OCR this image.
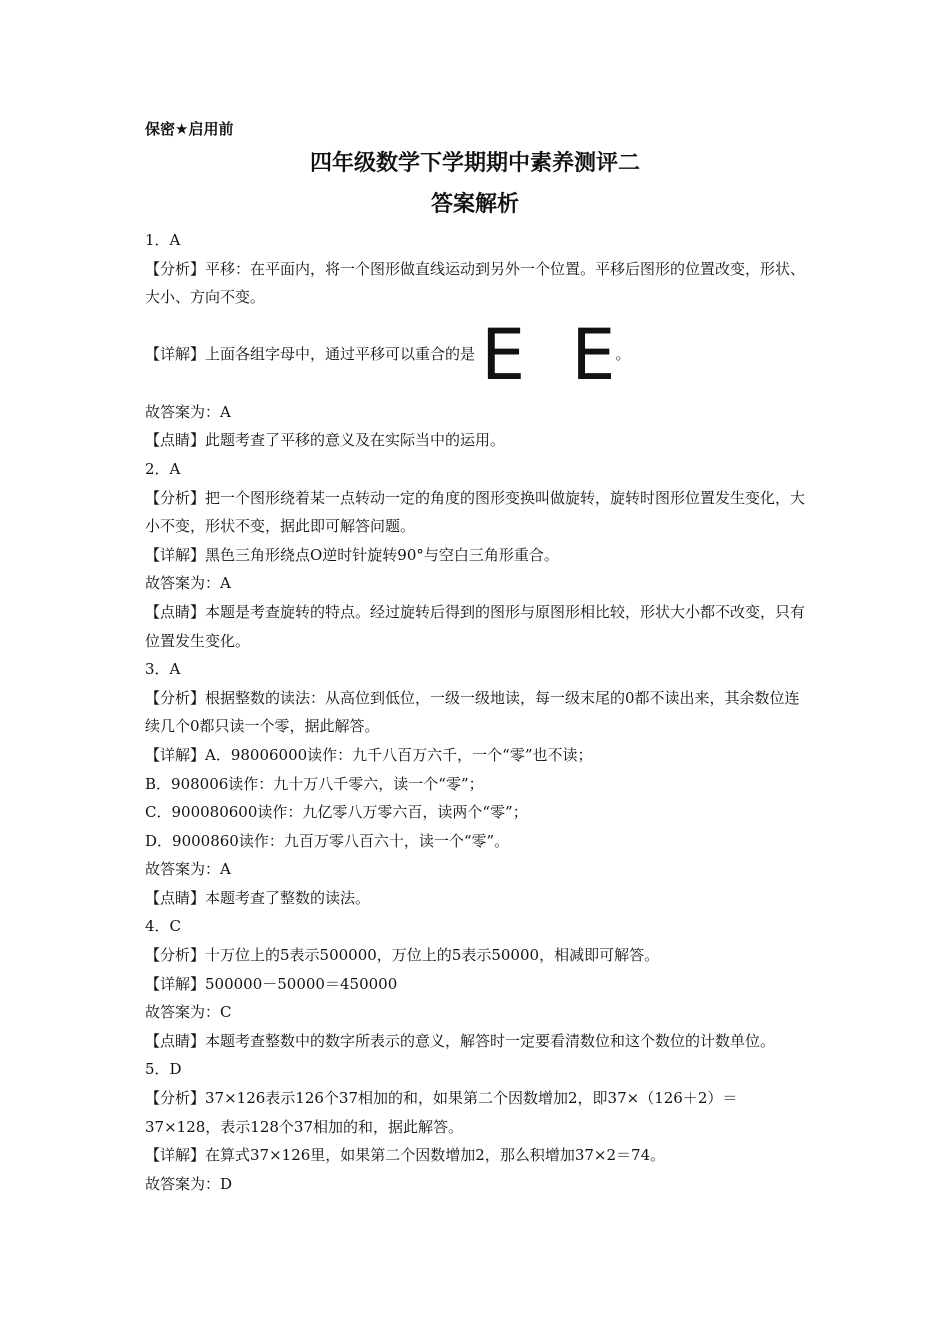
保密★启用前
四年级数学下学期期中素养测评二
答案解析
1．A
【分析】平移：在平面内，将一个图形做直线运动到另外一个位置。平移后图形的位置改变，形状、大小、方向不变。
【详解】上面各组字母中，通过平移可以重合的是 E E 。
故答案为：A
【点睛】此题考查了平移的意义及在实际当中的运用。
2．A
【分析】把一个图形绕着某一点转动一定的角度的图形变换叫做旋转，旋转时图形位置发生变化，大小不变，形状不变，据此即可解答问题。
【详解】黑色三角形绕点O逆时针旋转90°与空白三角形重合。
故答案为：A
【点睛】本题是考查旋转的特点。经过旋转后得到的图形与原图形相比较，形状大小都不改变，只有位置发生变化。
3．A
【分析】根据整数的读法：从高位到低位，一级一级地读，每一级末尾的0都不读出来，其余数位连续几个0都只读一个零，据此解答。
【详解】A．98006000读作：九千八百万六千，一个“零”也不读；
B．908006读作：九十万八千零六，读一个“零”；
C．900080600读作：九亿零八万零六百，读两个“零”；
D．9000860读作：九百万零八百六十，读一个“零”。
故答案为：A
【点睛】本题考查了整数的读法。
4．C
【分析】十万位上的5表示500000，万位上的5表示50000，相减即可解答。
【详解】500000－50000＝450000
故答案为：C
【点睛】本题考查整数中的数字所表示的意义，解答时一定要看清数位和这个数位的计数单位。
5．D
【分析】37×126表示126个37相加的和，如果第二个因数增加2，即37×（126＋2）＝37×128，表示128个37相加的和，据此解答。
【详解】在算式37×126里，如果第二个因数增加2，那么积增加37×2＝74。
故答案为：D
